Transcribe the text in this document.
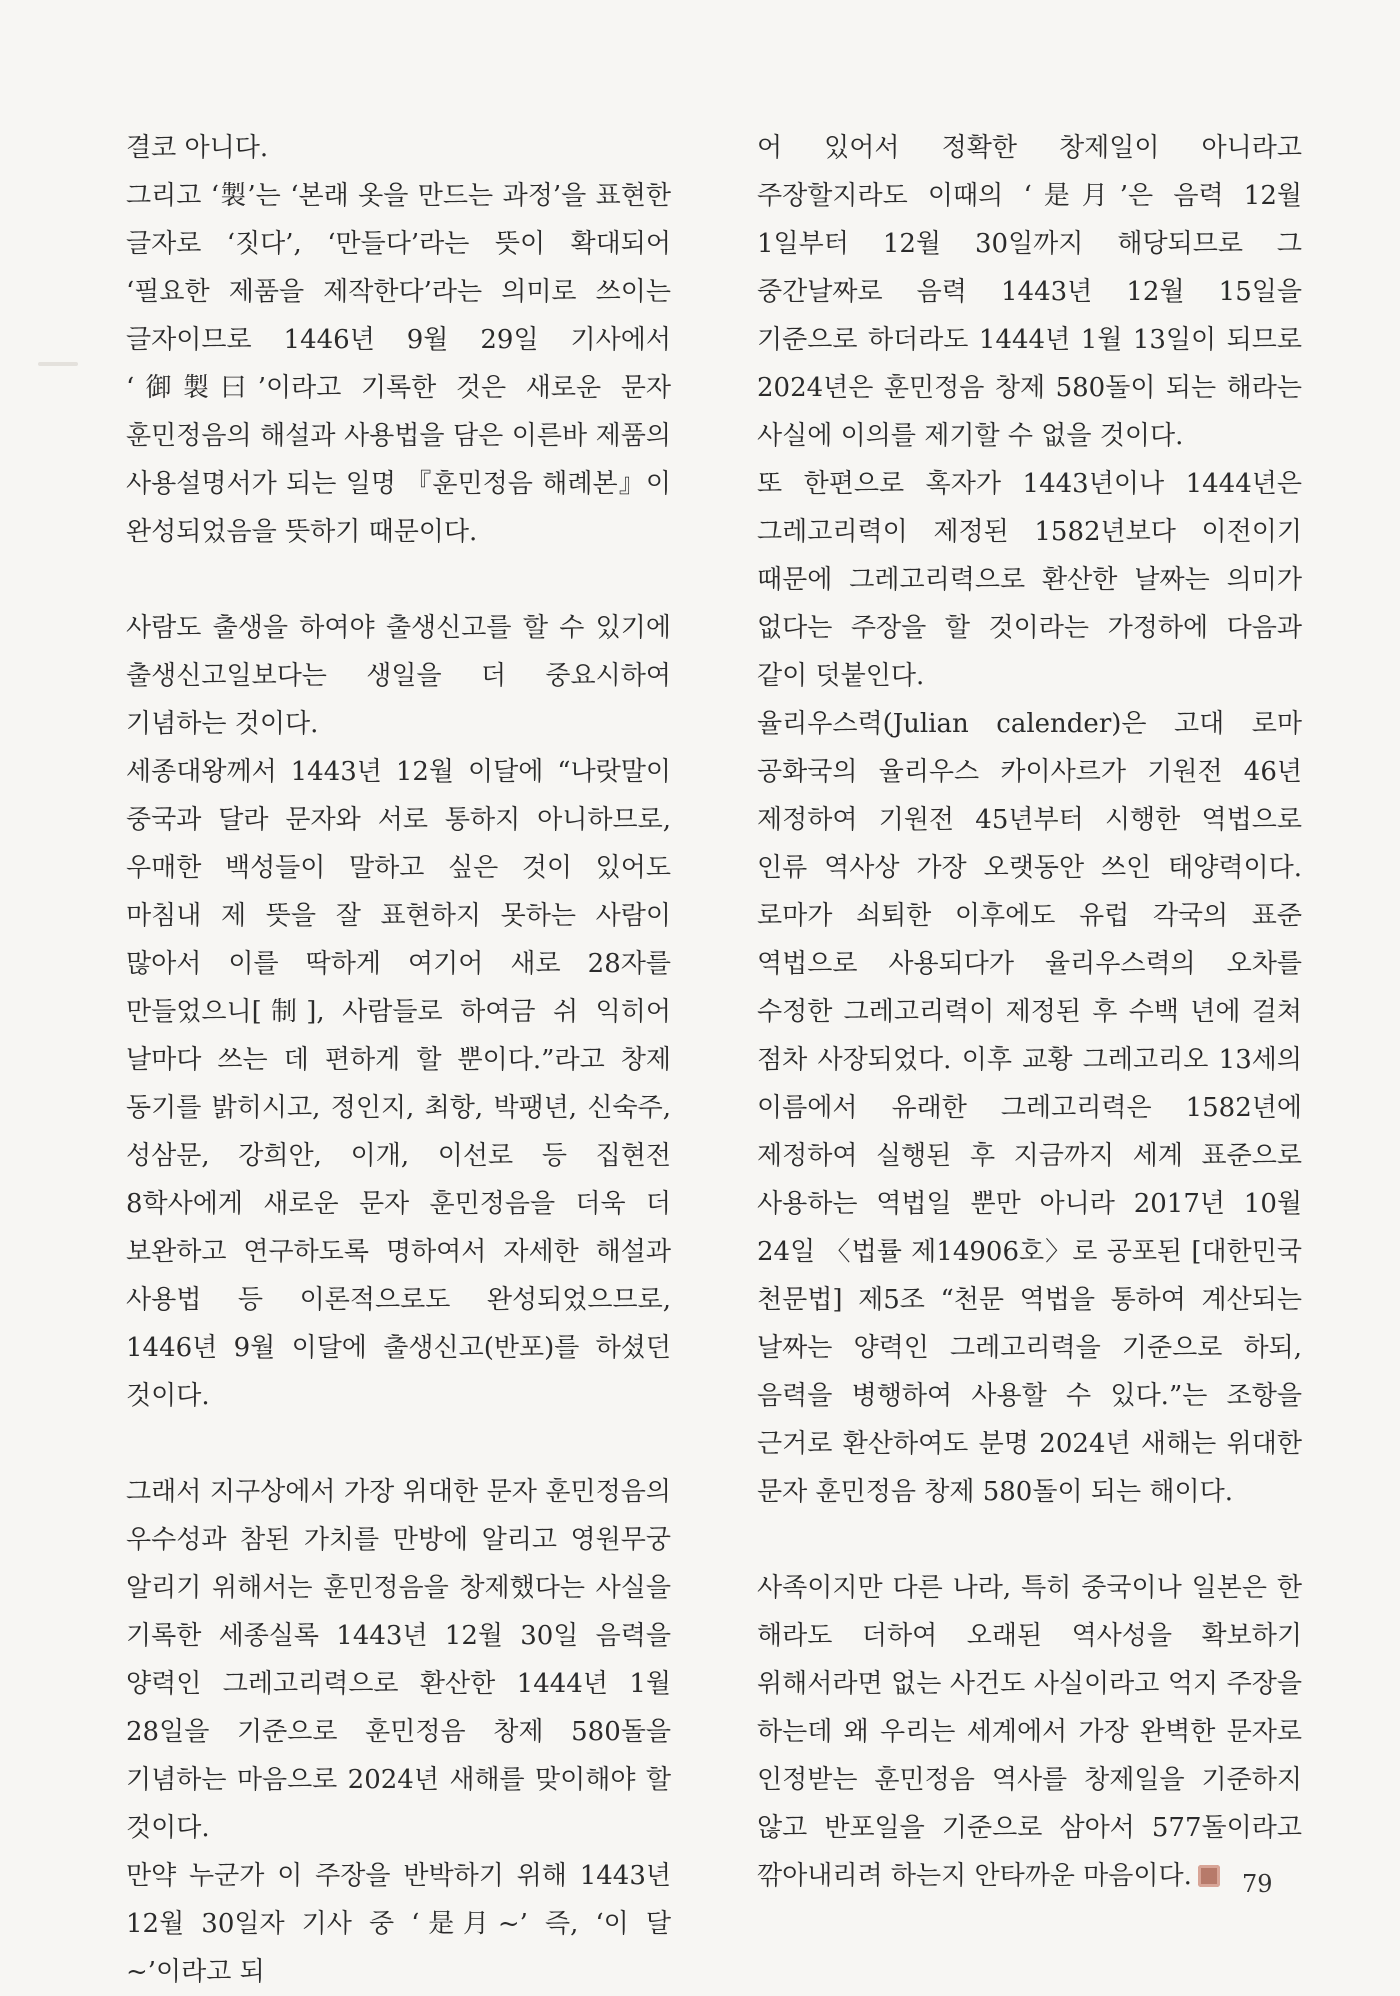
결코 아니다.

그리고 ‘製’는 ‘본래 옷을 만드는 과정’을 표현한 글자로 ‘짓다’, ‘만들다’라는 뜻이 확대되어 ‘필요한 제품을 제작한다’라는 의미로 쓰이는 글자이므로 1446년 9월 29일 기사에서 ‘御製曰’이라고 기록한 것은 새로운 문자 훈민정음의 해설과 사용법을 담은 이른바 제품의 사용설명서가 되는 일명 『훈민정음 해례본』이 완성되었음을 뜻하기 때문이다.

사람도 출생을 하여야 출생신고를 할 수 있기에 출생신고일보다는 생일을 더 중요시하여 기념하는 것이다.

세종대왕께서 1443년 12월 이달에 “나랏말이 중국과 달라 문자와 서로 통하지 아니하므로, 우매한 백성들이 말하고 싶은 것이 있어도 마침내 제 뜻을 잘 표현하지 못하는 사람이 많아서 이를 딱하게 여기어 새로 28자를 만들었으니[制], 사람들로 하여금 쉬 익히어 날마다 쓰는 데 편하게 할 뿐이다.”라고 창제 동기를 밝히시고, 정인지, 최항, 박팽년, 신숙주, 성삼문, 강희안, 이개, 이선로 등 집현전 8학사에게 새로운 문자 훈민정음을 더욱 더 보완하고 연구하도록 명하여서 자세한 해설과 사용법 등 이론적으로도 완성되었으므로, 1446년 9월 이달에 출생신고(반포)를 하셨던 것이다.

그래서 지구상에서 가장 위대한 문자 훈민정음의 우수성과 참된 가치를 만방에 알리고 영원무궁 알리기 위해서는 훈민정음을 창제했다는 사실을 기록한 세종실록 1443년 12월 30일 음력을 양력인 그레고리력으로 환산한 1444년 1월 28일을 기준으로 훈민정음 창제 580돌을 기념하는 마음으로 2024년 새해를 맞이해야 할 것이다.

만약 누군가 이 주장을 반박하기 위해 1443년 12월 30일자 기사 중 ‘是月~’ 즉, ‘이 달~’이라고 되

어 있어서 정확한 창제일이 아니라고 주장할지라도 이때의 ‘是月’은 음력 12월 1일부터 12월 30일까지 해당되므로 그 중간날짜로 음력 1443년 12월 15일을 기준으로 하더라도 1444년 1월 13일이 되므로 2024년은 훈민정음 창제 580돌이 되는 해라는 사실에 이의를 제기할 수 없을 것이다.

또 한편으로 혹자가 1443년이나 1444년은 그레고리력이 제정된 1582년보다 이전이기 때문에 그레고리력으로 환산한 날짜는 의미가 없다는 주장을 할 것이라는 가정하에 다음과 같이 덧붙인다.

율리우스력(Julian calender)은 고대 로마 공화국의 율리우스 카이사르가 기원전 46년 제정하여 기원전 45년부터 시행한 역법으로 인류 역사상 가장 오랫동안 쓰인 태양력이다. 로마가 쇠퇴한 이후에도 유럽 각국의 표준 역법으로 사용되다가 율리우스력의 오차를 수정한 그레고리력이 제정된 후 수백 년에 걸쳐 점차 사장되었다. 이후 교황 그레고리오 13세의 이름에서 유래한 그레고리력은 1582년에 제정하여 실행된 후 지금까지 세계 표준으로 사용하는 역법일 뿐만 아니라 2017년 10월 24일 〈법률 제14906호〉로 공포된 [대한민국 천문법] 제5조 “천문 역법을 통하여 계산되는 날짜는 양력인 그레고리력을 기준으로 하되, 음력을 병행하여 사용할 수 있다.”는 조항을 근거로 환산하여도 분명 2024년 새해는 위대한 문자 훈민정음 창제 580돌이 되는 해이다.

사족이지만 다른 나라, 특히 중국이나 일본은 한 해라도 더하여 오래된 역사성을 확보하기 위해서라면 없는 사건도 사실이라고 억지 주장을 하는데 왜 우리는 세계에서 가장 완벽한 문자로 인정받는 훈민정음 역사를 창제일을 기준하지 않고 반포일을 기준으로 삼아서 577돌이라고 깎아내리려 하는지 안타까운 마음이다.	79
